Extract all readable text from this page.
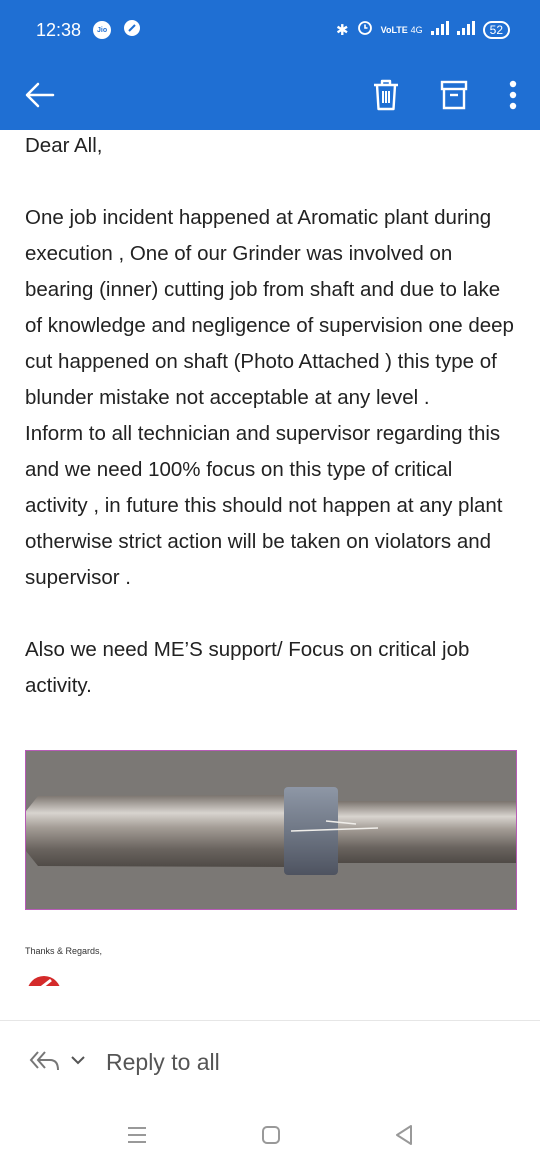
12:38	Jio	✱	VoLTE 4G	52

Dear All,

One job incident happened at Aromatic plant during execution , One of our Grinder was involved on bearing (inner) cutting job from shaft and due to lake of knowledge and negligence of supervision one deep cut happened on shaft (Photo Attached ) this type of blunder mistake not acceptable at any level .
Inform to all technician and supervisor regarding this and we need 100% focus on this type of critical activity , in future this should not happen at any plant otherwise strict action will be taken on violators and supervisor .

Also we need ME’S support/ Focus on critical job activity.

Thanks & Regards,

Reply to all
